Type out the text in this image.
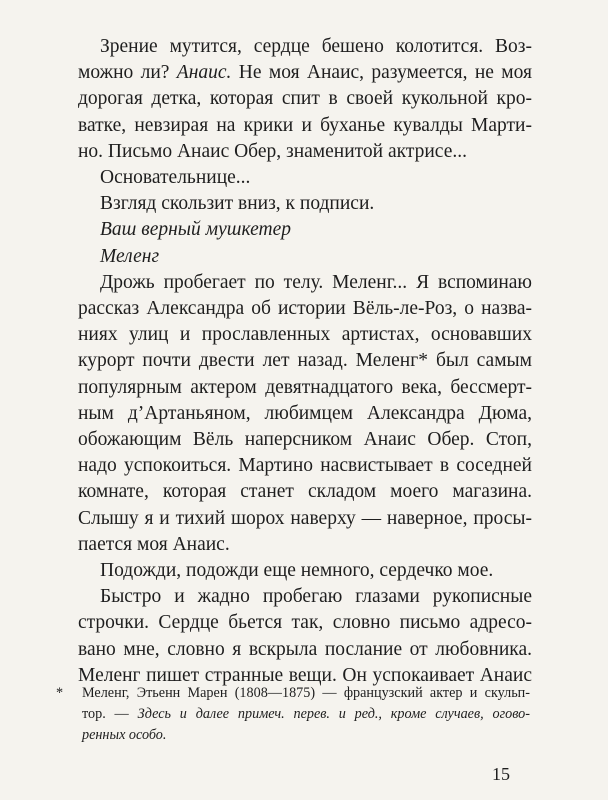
Зрение мутится, сердце бешено колотится. Воз-
можно ли? Анаис. Не моя Анаис, разумеется, не моя
дорогая детка, которая спит в своей кукольной кро-
ватке, невзирая на крики и буханье кувалды Марти-
но. Письмо Анаис Обер, знаменитой актрисе...
Основательнице...
Взгляд скользит вниз, к подписи.
Ваш верный мушкетер
Меленг
Дрожь пробегает по телу. Меленг... Я вспоминаю
рассказ Александра об истории Вёль-ле-Роз, о назва-
ниях улиц и прославленных артистах, основавших
курорт почти двести лет назад. Меленг* был самым
популярным актером девятнадцатого века, бессмерт-
ным д’Артаньяном, любимцем Александра Дюма,
обожающим Вёль наперсником Анаис Обер. Стоп,
надо успокоиться. Мартино насвистывает в соседней
комнате, которая станет складом моего магазина.
Слышу я и тихий шорох наверху — наверное, просы-
пается моя Анаис.
Подожди, подожди еще немного, сердечко мое.
Быстро и жадно пробегаю глазами рукописные
строчки. Сердце бьется так, словно письмо адресо-
вано мне, словно я вскрыла послание от любовника.
Меленг пишет странные вещи. Он успокаивает Анаис
*	Меленг, Этьенн Марен (1808—1875) — французский актер и скульп-
тор. — Здесь и далее примеч. перев. и ред., кроме случаев, огово-
ренных особо.
15
